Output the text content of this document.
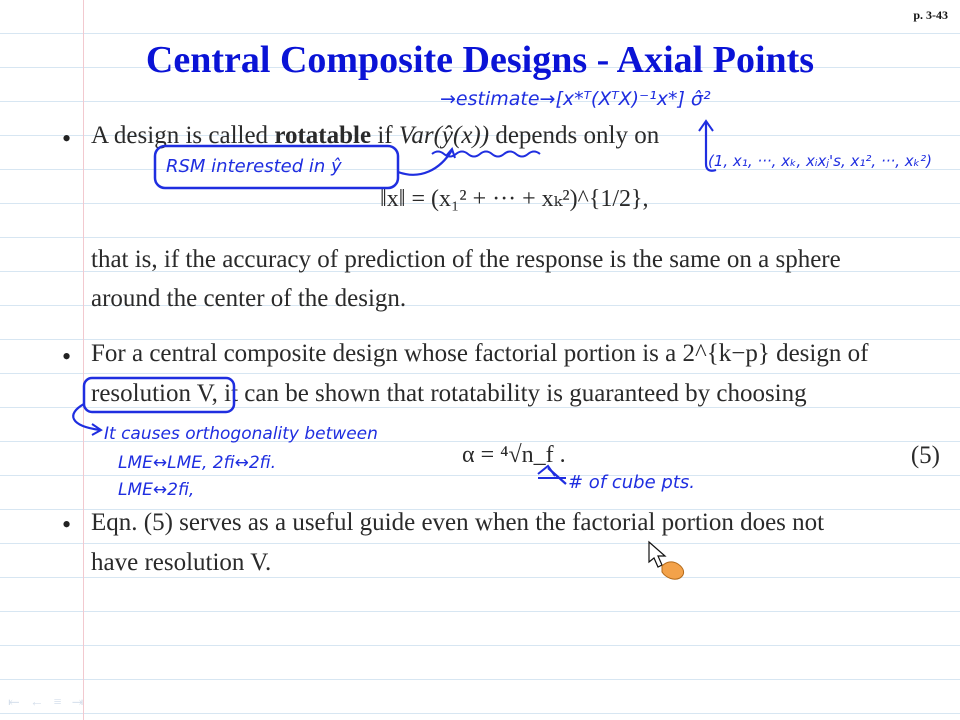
p. 3-43
Central Composite Designs - Axial Points
• A design is called rotatable if Var(ŷ(x)) depends only on
‖x‖ = (x₁² + ··· + xₖ²)^{1/2},
that is, if the accuracy of prediction of the response is the same on a sphere
around the center of the design.
• For a central composite design whose factorial portion is a 2^{k−p} design of
resolution V, it can be shown that rotatability is guaranteed by choosing
α = ⁴√n_f .	(5)
• Eqn. (5) serves as a useful guide even when the factorial portion does not
have resolution V.
→estimate→[x*ᵀ(XᵀX)⁻¹x*] σ̂²
(1, x₁, ···, xₖ, xᵢxⱼ's, x₁², ···, xₖ²)
RSM interested in ŷ
It causes orthogonality between
LME↔LME, 2fi↔2fi.
LME↔2fi,	# of cube pts.
⇤ ← ≡ ⇥
